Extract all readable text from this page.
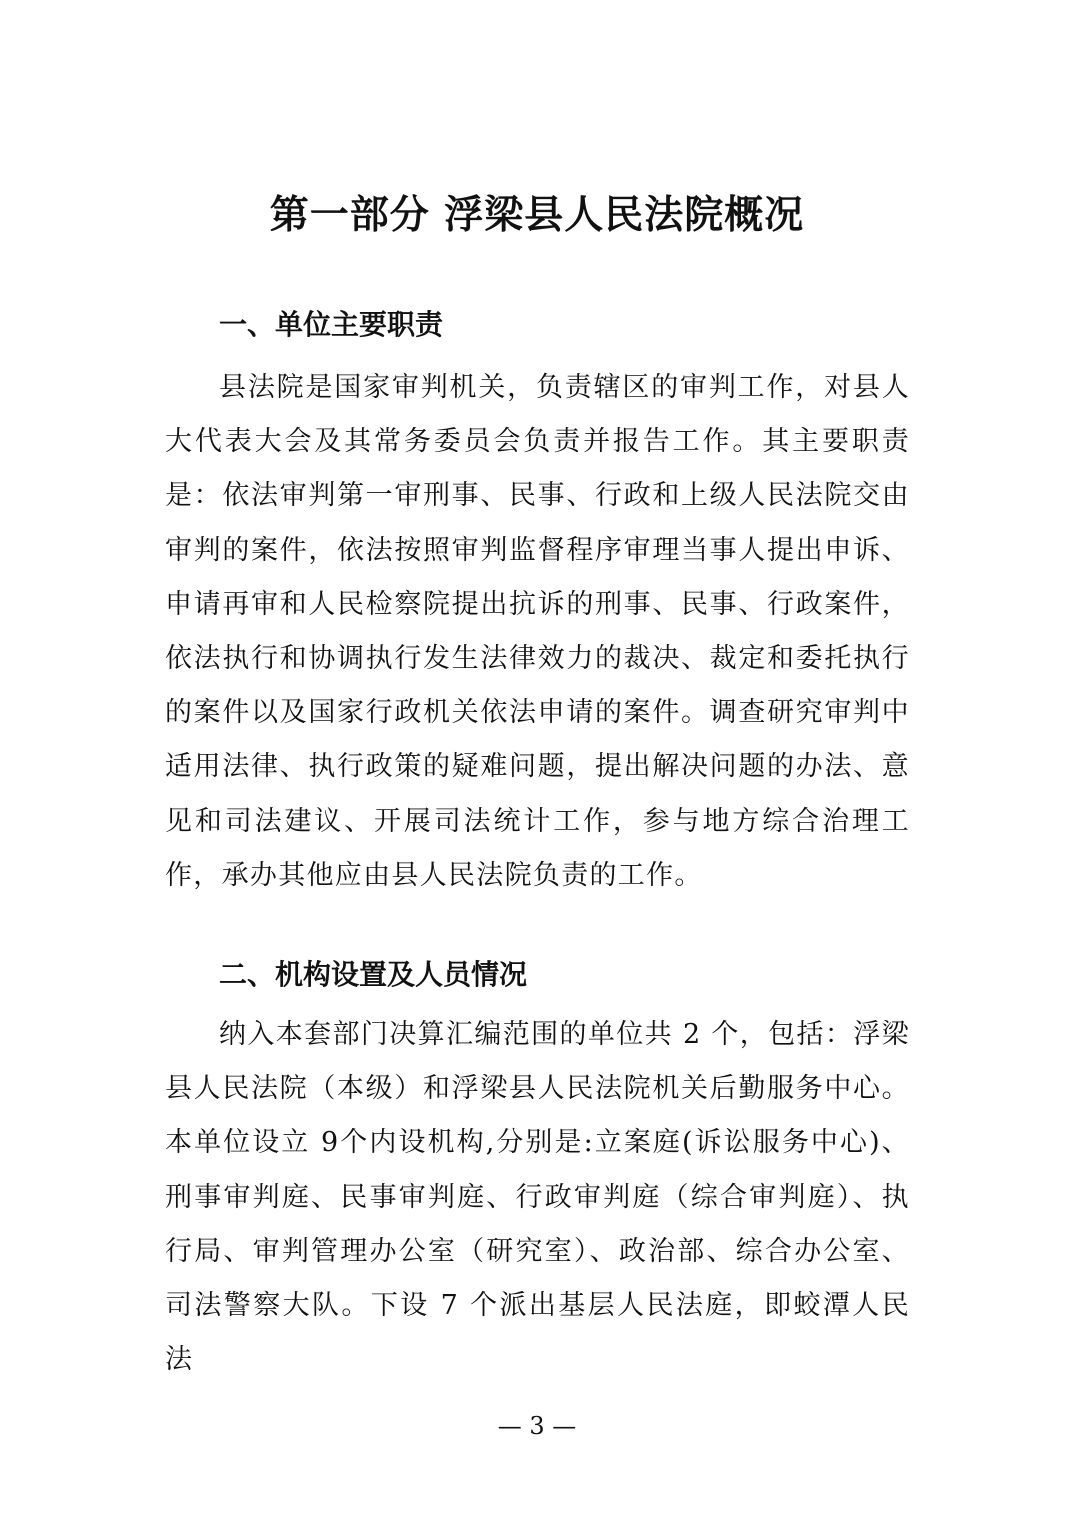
第一部分 浮梁县人民法院概况
一、单位主要职责

县法院是国家审判机关，负责辖区的审判工作，对县人大代表大会及其常务委员会负责并报告工作。其主要职责是：依法审判第一审刑事、民事、行政和上级人民法院交由审判的案件，依法按照审判监督程序审理当事人提出申诉、申请再审和人民检察院提出抗诉的刑事、民事、行政案件，依法执行和协调执行发生法律效力的裁决、裁定和委托执行的案件以及国家行政机关依法申请的案件。调查研究审判中适用法律、执行政策的疑难问题，提出解决问题的办法、意见和司法建议、开展司法统计工作，参与地方综合治理工作，承办其他应由县人民法院负责的工作。

二、机构设置及人员情况

纳入本套部门决算汇编范围的单位共 2 个，包括：浮梁县人民法院（本级）和浮梁县人民法院机关后勤服务中心。本单位设立 9个内设机构,分别是:立案庭(诉讼服务中心)、刑事审判庭、民事审判庭、行政审判庭（综合审判庭）、执行局、审判管理办公室（研究室）、政治部、综合办公室、司法警察大队。下设 7 个派出基层人民法庭，即蛟潭人民法

— 3 —
